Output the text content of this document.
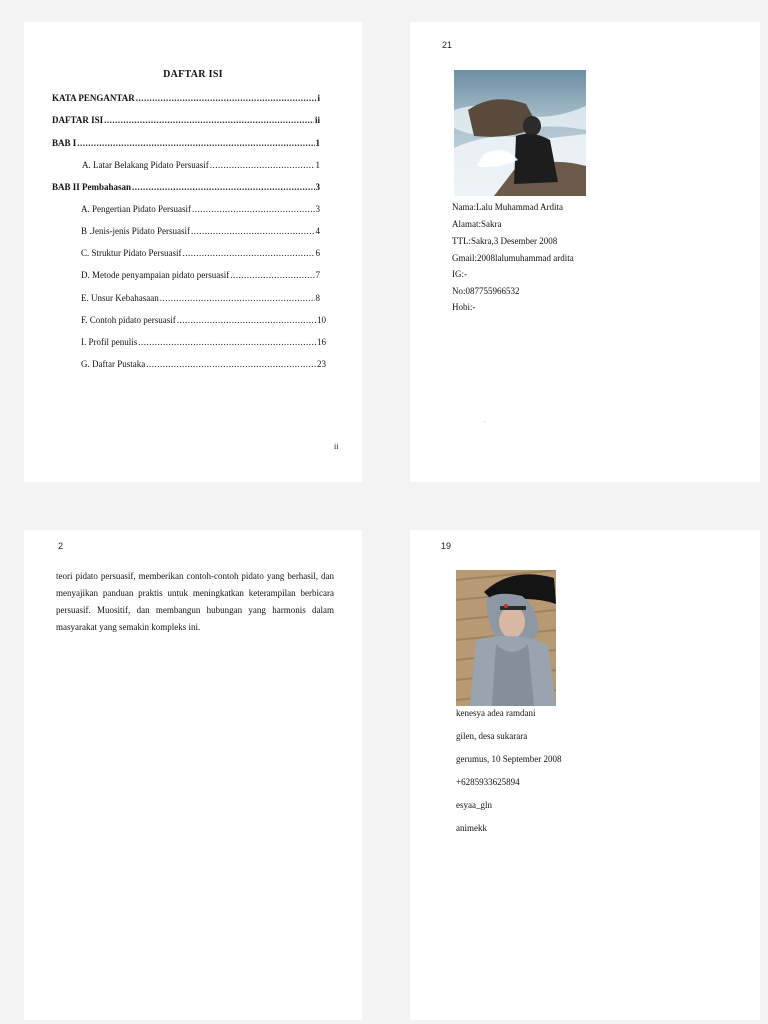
DAFTAR ISI
KATA PENGANTAR .....	i
DAFTAR ISI .....	ii
BAB I .....	1
A. Latar Belakang Pidato Persuasif .....	1
BAB II Pembahasan .....	3
A. Pengertian Pidato Persuasif .....	3
B .Jenis-jenis Pidato Persuasif .....	4
C. Struktur Pidato Persuasif .....	6
D. Metode penyampaian pidato persuasif .....	7
E. Unsur Kebahasaan .....	8
F. Contoh pidato persuasif .....	10
I. Profil penulis .....	16
G. Daftar Pustaka .....	23
ii
21
Nama:Lalu Muhammad Ardita
Alamat:Sakra
TTL:Sakra,3 Desember 2008
Gmail:2008lalumuhammad ardita
IG:-
No:087755966532
Hobi:-
.
2
teori pidato persuasif, memberikan contoh-contoh pidato yang berhasil, dan menyajikan panduan praktis untuk meningkatkan keterampilan berbicara persuasif. Muositif, dan membangun hubungan yang harmonis dalam masyarakat yang semakin kompleks ini.
19
kenesya adea ramdani
gilen, desa sukarara
gerumus, 10 September 2008
+6285933625894
esyaa_gln
animekk
